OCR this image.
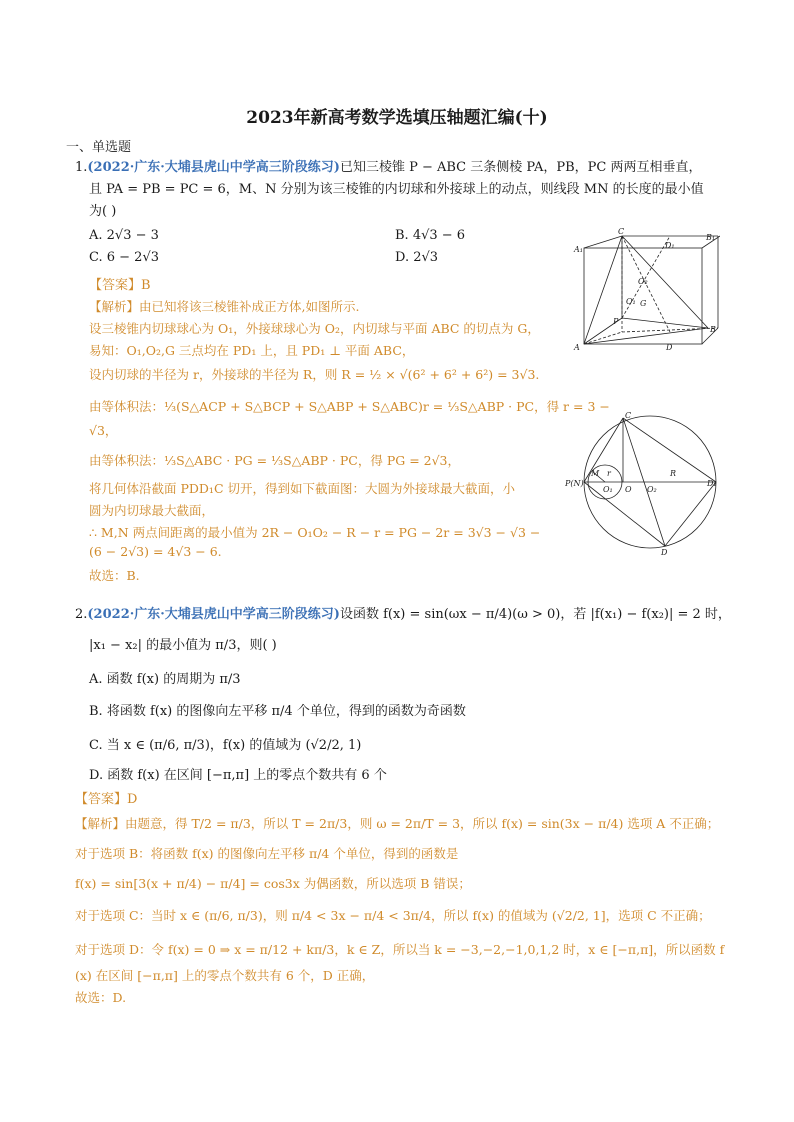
2023年新高考数学选填压轴题汇编(十)
一、单选题
1.(2022·广东·大埔县虎山中学高三阶段练习)已知三棱锥 P − ABC 三条侧棱 PA，PB，PC 两两互相垂直，
且 PA = PB = PC = 6，M、N 分别为该三棱锥的内切球和外接球上的动点，则线段 MN 的长度的最小值
为( )
A. 2√3 − 3	B. 4√3 − 6
C. 6 − 2√3	D. 2√3
【答案】B
【解析】由已知将该三棱锥补成正方体,如图所示.
设三棱锥内切球球心为 O₁，外接球球心为 O₂，内切球与平面 ABC 的切点为 G，
易知：O₁,O₂,G 三点均在 PD₁ 上，且 PD₁ ⊥ 平面 ABC，
设内切球的半径为 r，外接球的半径为 R，则 R = ½ × √(6² + 6² + 6²) = 3√3.
由等体积法：⅓(S△ACP + S△BCP + S△ABP + S△ABC)r = ⅓S△ABP · PC，得 r = 3 −
√3，
由等体积法：⅓S△ABC · PG = ⅓S△ABP · PC，得 PG = 2√3，
将几何体沿截面 PDD₁C 切开，得到如下截面图：大圆为外接球最大截面，小
圆为内切球最大截面，
∴ M,N 两点间距离的最小值为 2R − O₁O₂ − R − r = PG − 2r = 3√3 − √3 −
(6 − 2√3) = 4√3 − 6.
故选：B.
A₁
C
D₁
B₁
O₂
O₁ G
P
A	D
B
C
P(N)
M
O₁
r
O O₂
R
D₁
D
2.(2022·广东·大埔县虎山中学高三阶段练习)设函数 f(x) = sin(ωx − π/4)(ω > 0)，若 |f(x₁) − f(x₂)| = 2 时，
|x₁ − x₂| 的最小值为 π/3，则( )
A. 函数 f(x) 的周期为 π/3
B. 将函数 f(x) 的图像向左平移 π/4 个单位，得到的函数为奇函数
C. 当 x ∈ (π/6, π/3)，f(x) 的值域为 (√2/2, 1)
D. 函数 f(x) 在区间 [−π,π] 上的零点个数共有 6 个
【答案】D
【解析】由题意，得 T/2 = π/3，所以 T = 2π/3，则 ω = 2π/T = 3，所以 f(x) = sin(3x − π/4) 选项 A 不正确；
对于选项 B：将函数 f(x) 的图像向左平移 π/4 个单位，得到的函数是
f(x) = sin[3(x + π/4) − π/4] = cos3x 为偶函数，所以选项 B 错误；
对于选项 C：当时 x ∈ (π/6, π/3)，则 π/4 < 3x − π/4 < 3π/4，所以 f(x) 的值域为 (√2/2, 1]，选项 C 不正确；
对于选项 D：令 f(x) = 0 ⇒ x = π/12 + kπ/3，k ∈ Z，所以当 k = −3,−2,−1,0,1,2 时，x ∈ [−π,π]，所以函数 f
(x) 在区间 [−π,π] 上的零点个数共有 6 个，D 正确，
故选：D.
